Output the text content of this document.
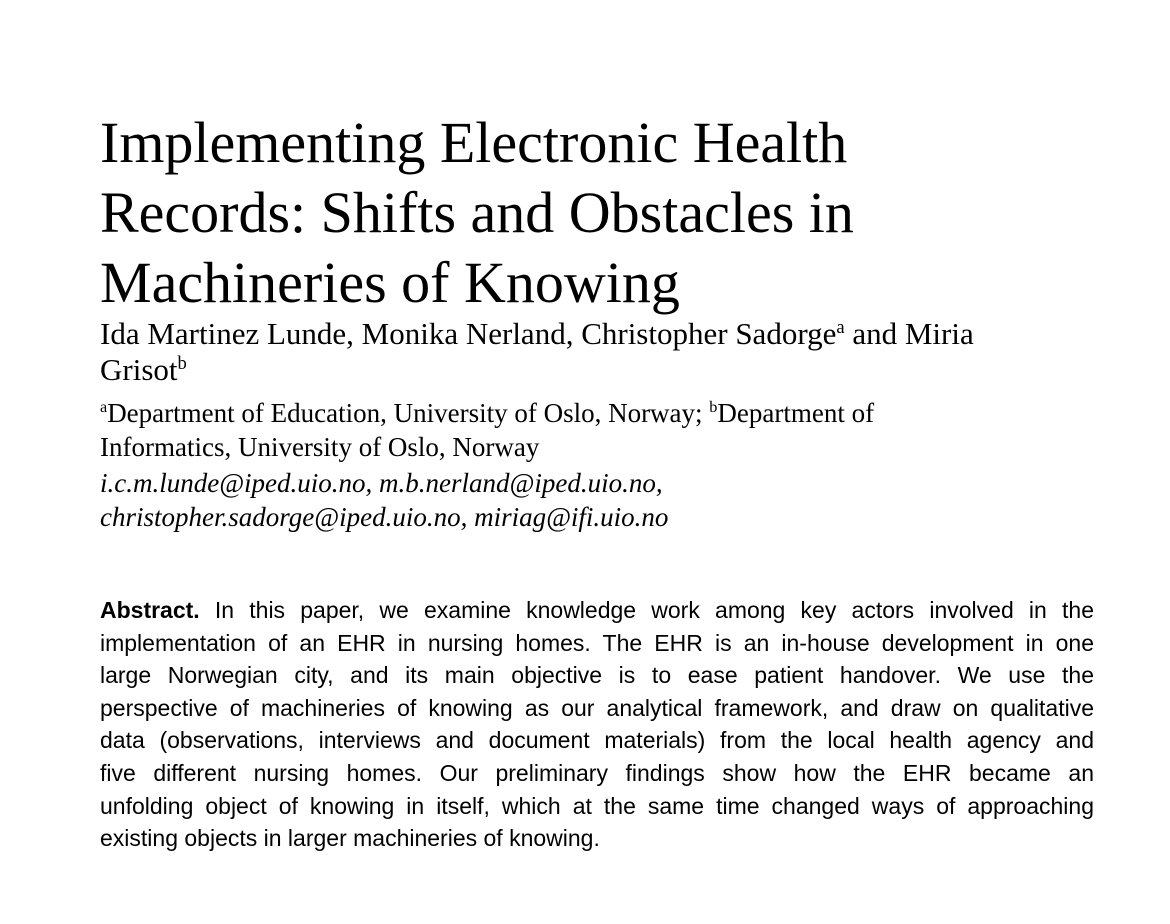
Implementing Electronic Health
Records: Shifts and Obstacles in
Machineries of Knowing
Ida Martinez Lunde, Monika Nerland, Christopher Sadorge$^a$ and Miria
Grisot$^b$
$^a$Department of Education, University of Oslo, Norway; $^b$Department of
Informatics, University of Oslo, Norway
i.c.m.lunde@iped.uio.no, m.b.nerland@iped.uio.no,
christopher.sadorge@iped.uio.no, miriag@ifi.uio.no
Abstract. In this paper, we examine knowledge work among key actors involved in the
implementation of an EHR in nursing homes. The EHR is an in-house development in one
large Norwegian city, and its main objective is to ease patient handover. We use the
perspective of machineries of knowing as our analytical framework, and draw on qualitative
data (observations, interviews and document materials) from the local health agency and
five different nursing homes. Our preliminary findings show how the EHR became an
unfolding object of knowing in itself, which at the same time changed ways of approaching
existing objects in larger machineries of knowing.
